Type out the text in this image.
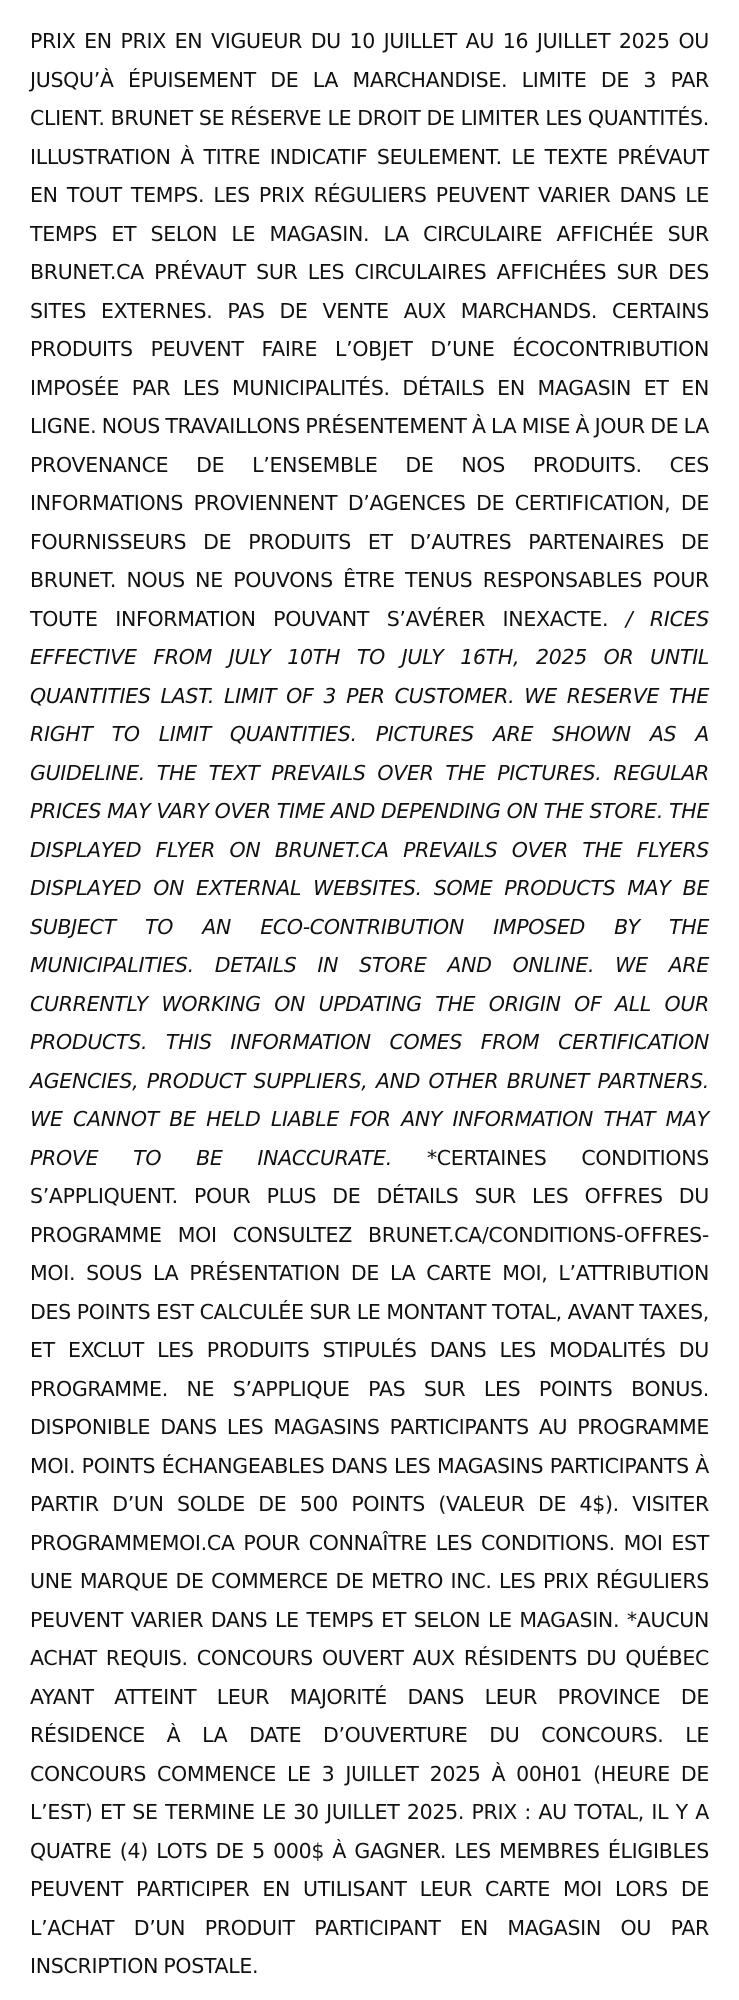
PRIX EN PRIX EN VIGUEUR DU 10 JUILLET AU 16 JUILLET 2025 OU JUSQU’À ÉPUISEMENT DE LA MARCHANDISE. LIMITE DE 3 PAR CLIENT. BRUNET SE RÉSERVE LE DROIT DE LIMITER LES QUANTITÉS. ILLUSTRATION À TITRE INDICATIF SEULEMENT. LE TEXTE PRÉVAUT EN TOUT TEMPS. LES PRIX RÉGULIERS PEUVENT VARIER DANS LE TEMPS ET SELON LE MAGASIN. LA CIRCULAIRE AFFICHÉE SUR BRUNET.CA PRÉVAUT SUR LES CIRCULAIRES AFFICHÉES SUR DES SITES EXTERNES. PAS DE VENTE AUX MARCHANDS. CERTAINS PRODUITS PEUVENT FAIRE L’OBJET D’UNE ÉCOCONTRIBUTION IMPOSÉE PAR LES MUNICIPALITÉS. DÉTAILS EN MAGASIN ET EN LIGNE. NOUS TRAVAILLONS PRÉSENTEMENT À LA MISE À JOUR DE LA PROVENANCE DE L’ENSEMBLE DE NOS PRODUITS. CES INFORMATIONS PROVIENNENT D’AGENCES DE CERTIFICATION, DE FOURNISSEURS DE PRODUITS ET D’AUTRES PARTENAIRES DE BRUNET. NOUS NE POUVONS ÊTRE TENUS RESPONSABLES POUR TOUTE INFORMATION POUVANT S’AVÉRER INEXACTE. / RICES EFFECTIVE FROM JULY 10TH TO JULY 16TH, 2025 OR UNTIL QUANTITIES LAST. LIMIT OF 3 PER CUSTOMER. WE RESERVE THE RIGHT TO LIMIT QUANTITIES. PICTURES ARE SHOWN AS A GUIDELINE. THE TEXT PREVAILS OVER THE PICTURES. REGULAR PRICES MAY VARY OVER TIME AND DEPENDING ON THE STORE. THE DISPLAYED FLYER ON BRUNET.CA PREVAILS OVER THE FLYERS DISPLAYED ON EXTERNAL WEBSITES. SOME PRODUCTS MAY BE SUBJECT TO AN ECO-CONTRIBUTION IMPOSED BY THE MUNICIPALITIES. DETAILS IN STORE AND ONLINE. WE ARE CURRENTLY WORKING ON UPDATING THE ORIGIN OF ALL OUR PRODUCTS. THIS INFORMATION COMES FROM CERTIFICATION AGENCIES, PRODUCT SUPPLIERS, AND OTHER BRUNET PARTNERS. WE CANNOT BE HELD LIABLE FOR ANY INFORMATION THAT MAY PROVE TO BE INACCURATE. *CERTAINES CONDITIONS S’APPLIQUENT. POUR PLUS DE DÉTAILS SUR LES OFFRES DU PROGRAMME MOI CONSULTEZ BRUNET.CA/CONDITIONS-OFFRES-MOI. SOUS LA PRÉSENTATION DE LA CARTE MOI, L’ATTRIBUTION DES POINTS EST CALCULÉE SUR LE MONTANT TOTAL, AVANT TAXES, ET EXCLUT LES PRODUITS STIPULÉS DANS LES MODALITÉS DU PROGRAMME. NE S’APPLIQUE PAS SUR LES POINTS BONUS. DISPONIBLE DANS LES MAGASINS PARTICIPANTS AU PROGRAMME MOI. POINTS ÉCHANGEABLES DANS LES MAGASINS PARTICIPANTS À PARTIR D’UN SOLDE DE 500 POINTS (VALEUR DE 4$). VISITER PROGRAMMEMOI.CA POUR CONNAÎTRE LES CONDITIONS. MOI EST UNE MARQUE DE COMMERCE DE METRO INC. LES PRIX RÉGULIERS PEUVENT VARIER DANS LE TEMPS ET SELON LE MAGASIN. *AUCUN ACHAT REQUIS. CONCOURS OUVERT AUX RÉSIDENTS DU QUÉBEC AYANT ATTEINT LEUR MAJORITÉ DANS LEUR PROVINCE DE RÉSIDENCE À LA DATE D’OUVERTURE DU CONCOURS. LE CONCOURS COMMENCE LE 3 JUILLET 2025 À 00H01 (HEURE DE L’EST) ET SE TERMINE LE 30 JUILLET 2025. PRIX : AU TOTAL, IL Y A QUATRE (4) LOTS DE 5 000$ À GAGNER. LES MEMBRES ÉLIGIBLES PEUVENT PARTICIPER EN UTILISANT LEUR CARTE MOI LORS DE L’ACHAT D’UN PRODUIT PARTICIPANT EN MAGASIN OU PAR INSCRIPTION POSTALE.
